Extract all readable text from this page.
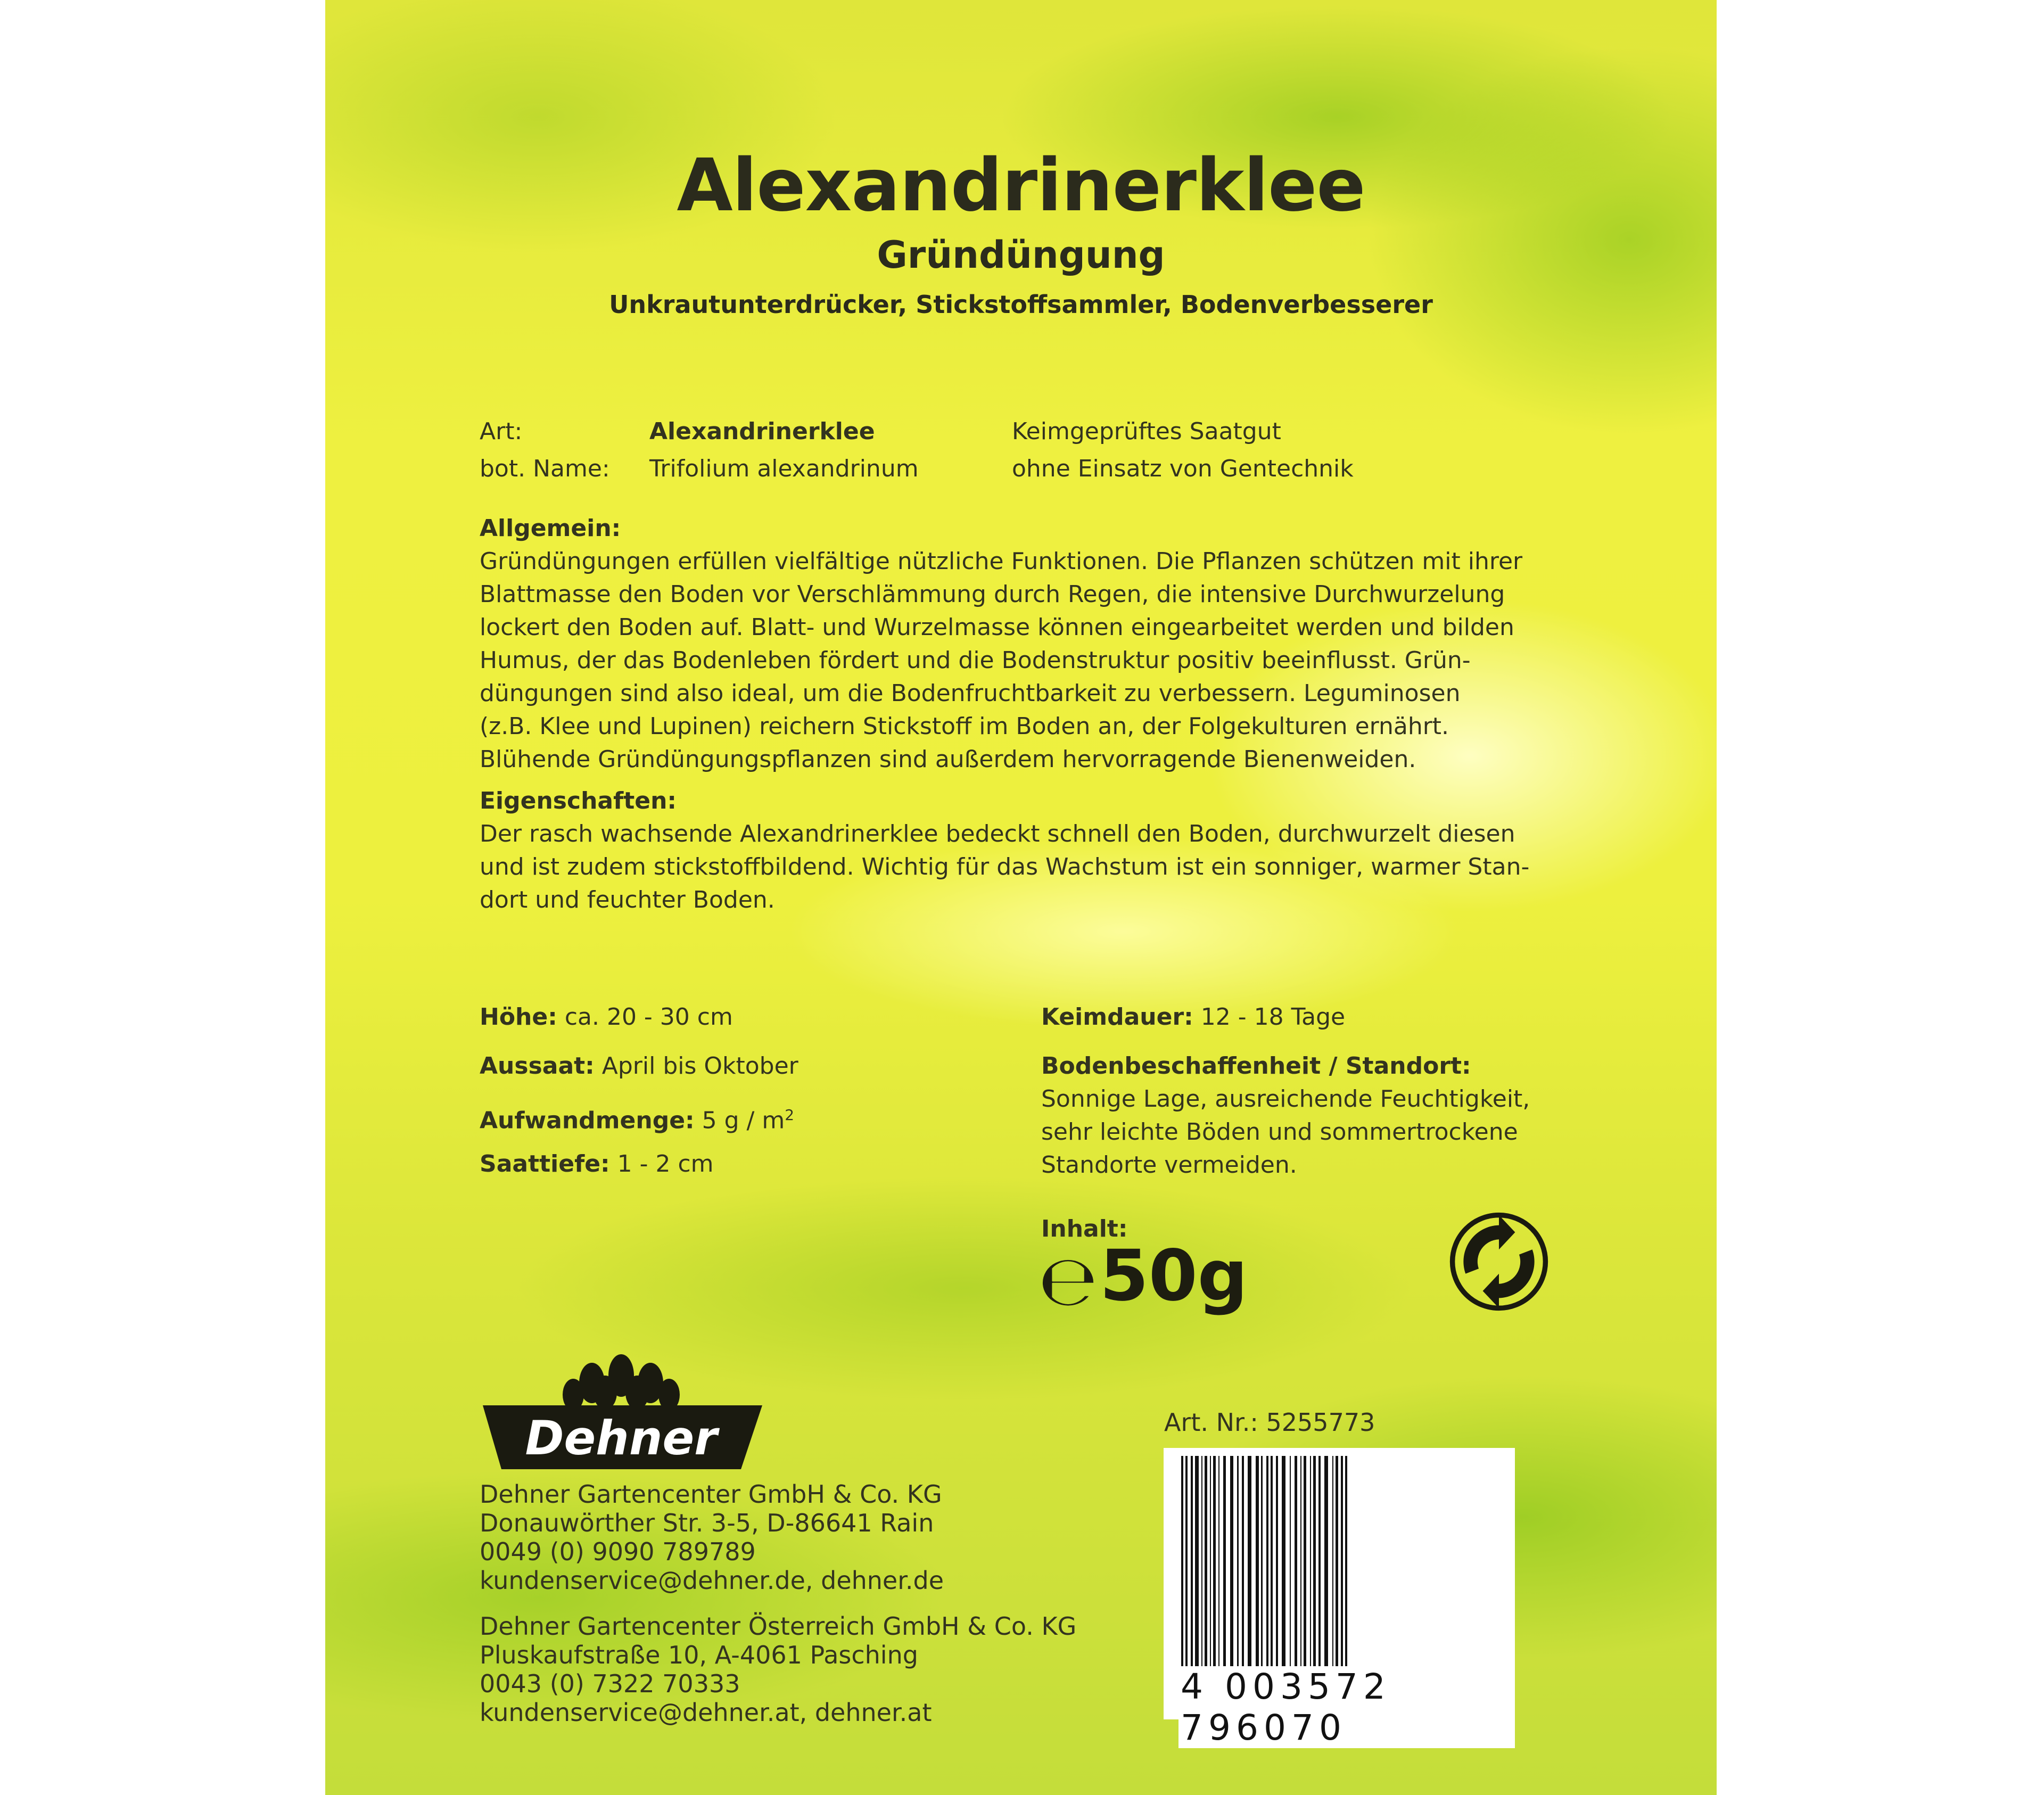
Alexandrinerklee
Gründüngung
Unkrautunterdrücker, Stickstoffsammler, Bodenverbesserer
Art:	Alexandrinerklee	Keimgeprüftes Saatgut
bot. Name: Trifolium alexandrinum	ohne Einsatz von Gentechnik
Allgemein:
Gründüngungen erfüllen vielfältige nützliche Funktionen. Die Pflanzen schützen mit ihrer
Blattmasse den Boden vor Verschlämmung durch Regen, die intensive Durchwurzelung
lockert den Boden auf. Blatt- und Wurzelmasse können eingearbeitet werden und bilden
Humus, der das Bodenleben fördert und die Bodenstruktur positiv beeinflusst. Grün-
düngungen sind also ideal, um die Bodenfruchtbarkeit zu verbessern. Leguminosen
(z.B. Klee und Lupinen) reichern Stickstoff im Boden an, der Folgekulturen ernährt.
Blühende Gründüngungspflanzen sind außerdem hervorragende Bienenweiden.
Eigenschaften:
Der rasch wachsende Alexandrinerklee bedeckt schnell den Boden, durchwurzelt diesen
und ist zudem stickstoffbildend. Wichtig für das Wachstum ist ein sonniger, warmer Stan-
dort und feuchter Boden.
Höhe: ca. 20 - 30 cm
Aussaat: April bis Oktober
Aufwandmenge: 5 g / $m^2$
Saattiefe: 1 - 2 cm
Keimdauer: 12 - 18 Tage
Bodenbeschaffenheit / Standort:
Sonnige Lage, ausreichende Feuchtigkeit,
sehr leichte Böden und sommertrockene
Standorte vermeiden.
Inhalt:
℮ 50g
Dehner
Dehner Gartencenter GmbH & Co. KG
Donauwörther Str. 3-5, D-86641 Rain
0049 (0) 9090 789789
kundenservice@dehner.de, dehner.de
Dehner Gartencenter Österreich GmbH & Co. KG
Pluskaufstraße 10, A-4061 Pasching
0043 (0) 7322 70333
kundenservice@dehner.at, dehner.at
Art. Nr.: 5255773
4 003572 796070
